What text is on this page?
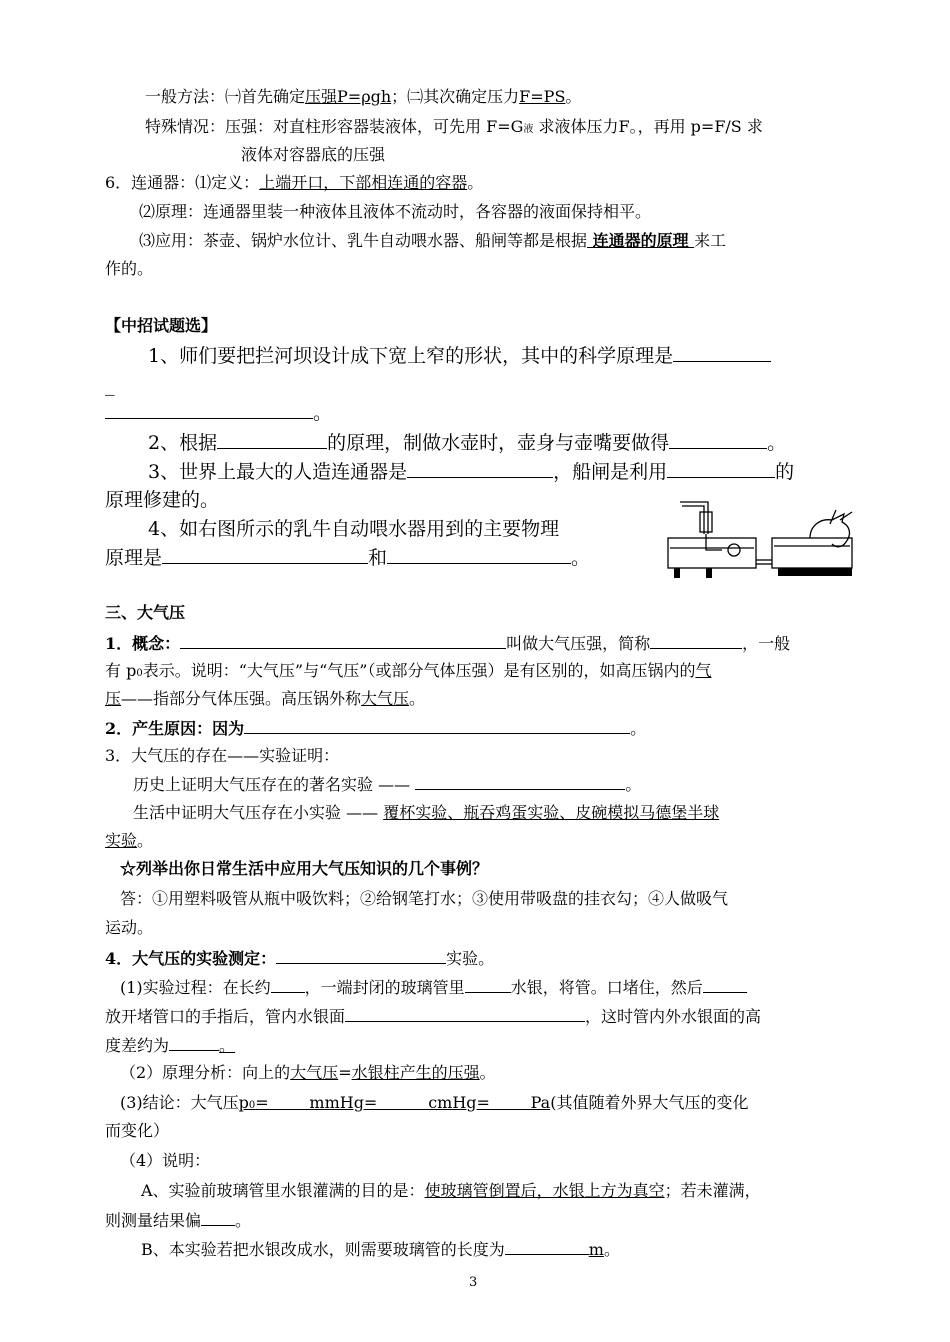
一般方法：㈠首先确定压强P=ρgh；㈡其次确定压力F=PS。
特殊情况：压强：对直柱形容器装液体，可先用 F=G液 求液体压力F。，再用 p=F/S 求
液体对容器底的压强
6．连通器：⑴定义：上端开口，下部相连通的容器。
⑵原理：连通器里装一种液体且液体不流动时，各容器的液面保持相平。
⑶应用：茶壶、锅炉水位计、乳牛自动喂水器、船闸等都是根据 连通器的原理 来工
作的。
【中招试题选】
1、师们要把拦河坝设计成下宽上窄的形状，其中的科学原理是
_
。
2、根据	的原理，制做水壶时，壶身与壶嘴要做得	。
3、世界上最大的人造连通器是	，船闸是利用	的
原理修建的。
4、如右图所示的乳牛自动喂水器用到的主要物理
原理是	和	。
三、大气压
1．概念：	叫做大气压强，简称	，一般
有 p0表示。说明：“大气压”与“气压”（或部分气体压强）是有区别的，如高压锅内的气
压——指部分气体压强。高压锅外称大气压。
2．产生原因：因为	。
3．大气压的存在——实验证明：
历史上证明大气压存在的著名实验 ——	。
生活中证明大气压存在小实验 —— 覆杯实验、瓶吞鸡蛋实验、皮碗模拟马德堡半球
实验。
☆列举出你日常生活中应用大气压知识的几个事例？
答：①用塑料吸管从瓶中吸饮料；②给钢笔打水；③使用带吸盘的挂衣勾；④人做吸气
运动。
4．大气压的实验测定：	实验。
(1)实验过程：在长约 ，一端封闭的玻璃管里	水银，将管。口堵住，然后
放开堵管口的手指后，管内水银面	，这时管内外水银面的高
度差约为	。
（2）原理分析：向上的大气压=水银柱产生的压强。
(3)结论：大气压p0=        mmHg=          cmHg=        Pa(其值随着外界大气压的变化
而变化）
（4）说明：
A、实验前玻璃管里水银灌满的目的是：使玻璃管倒置后，水银上方为真空；若未灌满，
则测量结果偏 。
B、本实验若把水银改成水，则需要玻璃管的长度为	m。
3
